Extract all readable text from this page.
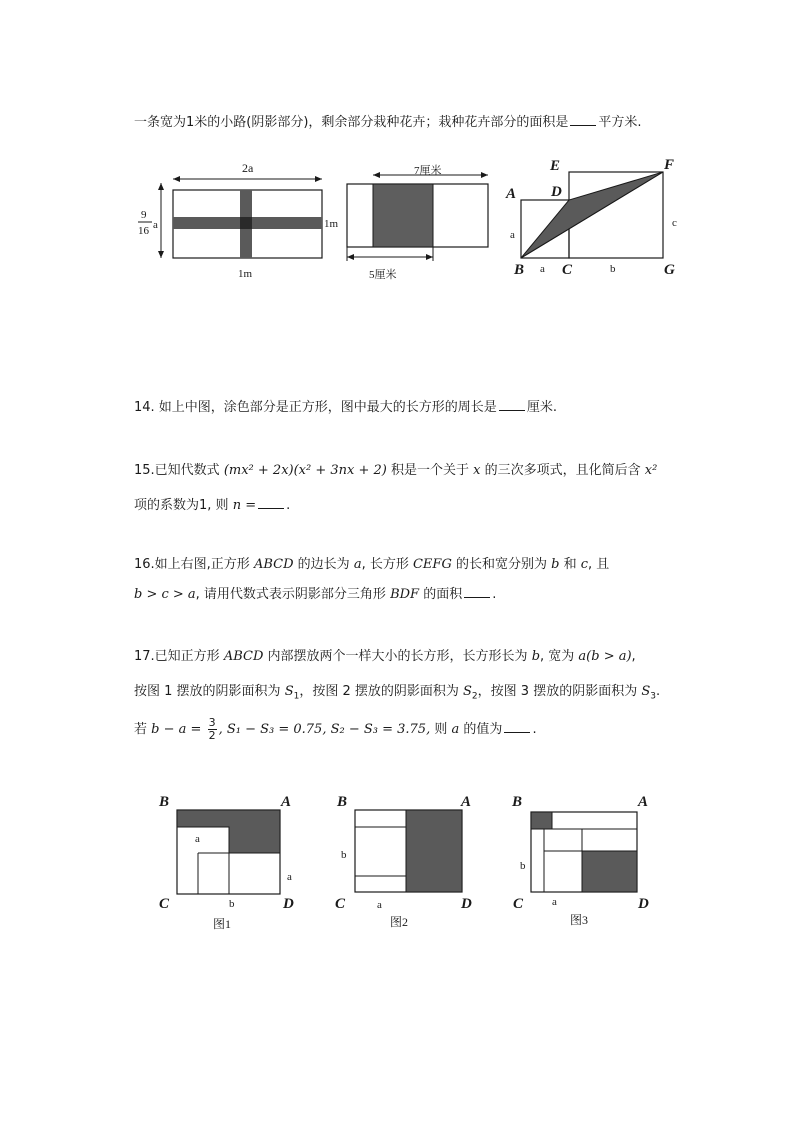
一条宽为1米的小路(阴影部分)，剩余部分栽种花卉；栽种花卉部分的面积是 平方米.
2a
9
16 a	1m
1m
7厘米
5厘米
A
B	C
D
E	F
G
a
a	b
c
14. 如上中图，涂色部分是正方形，图中最大的长方形的周长是 厘米.
15.已知代数式 (mx² + 2x)(x² + 3nx + 2) 积是一个关于 x 的三次多项式，且化简后含 x²
项的系数为1, 则 n = .
16.如上右图,正方形 ABCD 的边长为 a, 长方形 CEFG 的长和宽分别为 b 和 c, 且
b > c > a, 请用代数式表示阴影部分三角形 BDF 的面积 .
17.已知正方形 ABCD 内部摆放两个一样大小的长方形，长方形长为 b, 宽为 a(b > a),
按图 1 摆放的阴影面积为 $S_1$，按图 2 摆放的阴影面积为 $S_2$，按图 3 摆放的阴影面积为 $S_3$.
若 $b - a = \frac{3}{2}$ , S₁ − S₃ = 0.75, S₂ − S₃ = 3.75, 则 a 的值为 .
B	A
C	D
a
a
b
图1
B	A
C	D
b
a
图2
B	A
C	D
b
a
图3
